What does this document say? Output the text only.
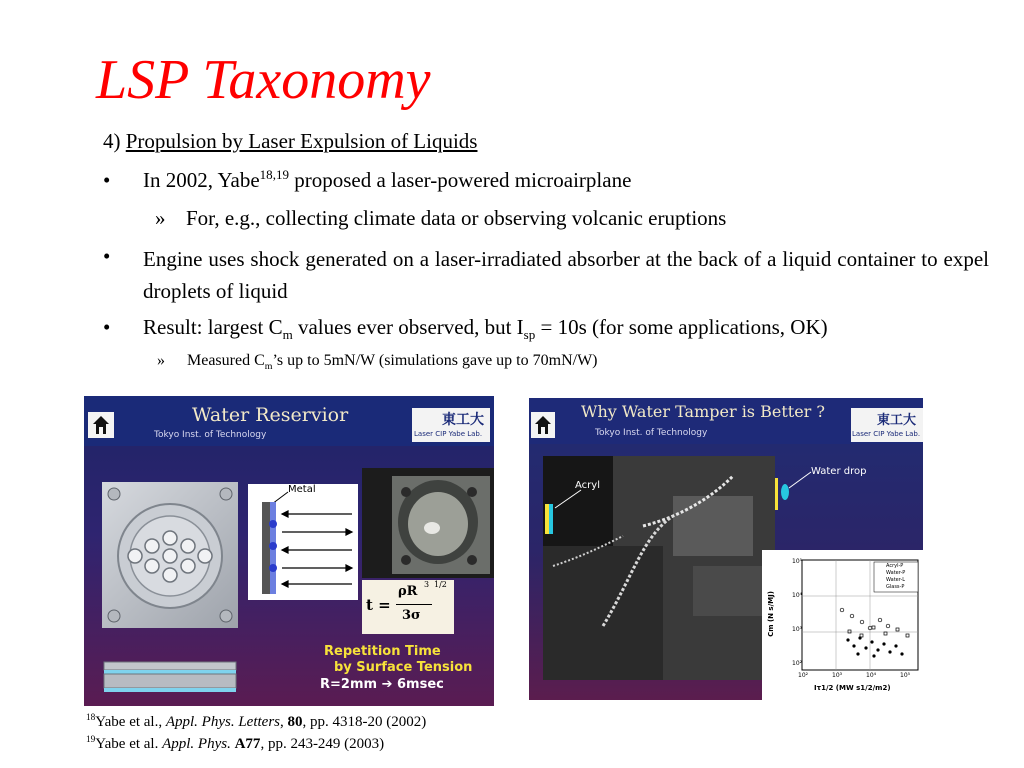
LSP Taxonomy
4) Propulsion by Laser Expulsion of Liquids
• In 2002, Yabe$^{18,19}$ proposed a laser-powered microairplane
» For, e.g., collecting climate data or observing volcanic eruptions
• Engine uses shock generated on a laser-irradiated absorber at the back of a liquid container to expel droplets of liquid
• Result: largest $C_m$ values ever observed, but $I_{sp} = 10s$ (for some applications, OK)
» Measured $C_m’s$ up to 5mN/W (simulations gave up to 70mN/W)
Water Reservior
Tokyo Inst. of Technology
東工大
Laser CIP Yabe Lab.
Metal
t =
ρR 3
3σ
1/2
Repetition Time
by Surface Tension
R=2mm ➔ 6msec
Why Water Tamper is Better ?
Tokyo Inst. of Technology
東工大
Laser CIP Yabe Lab.
Acryl
Water drop
Cm (N s/MJ)
10⁵
10⁴
10³
10²
10²	10³	10⁴	10⁵
Iτ1/2 (MW s1/2/m2)
Acryl-P
Water-P
Water-L
Glass-P
$^{18}$Yabe et al., Appl. Phys. Letters, 80, pp. 4318-20 (2002)
$^{19}$Yabe et al. Appl. Phys. A77, pp. 243-249 (2003)
